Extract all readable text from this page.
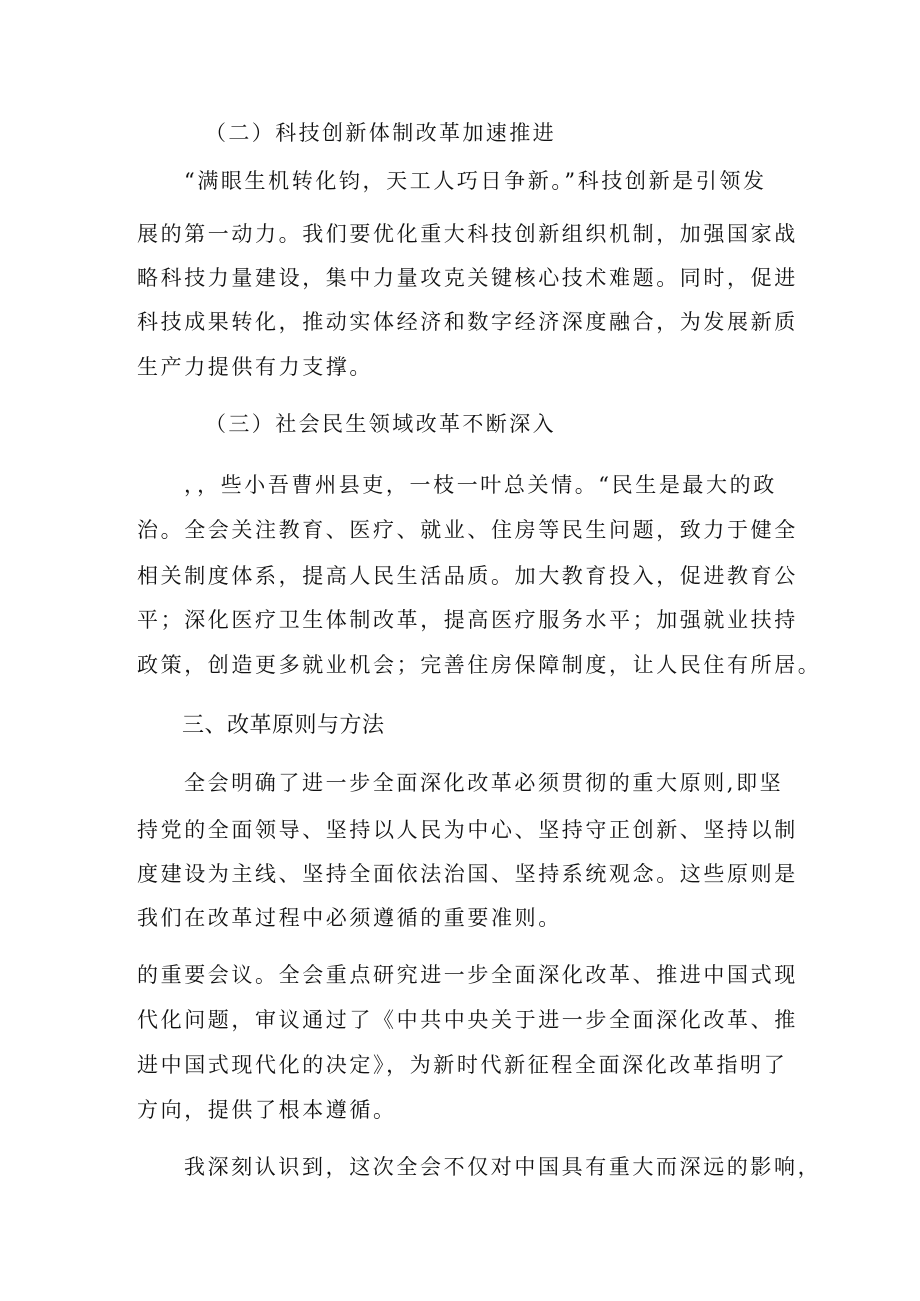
（二）科技创新体制改革加速推进
“满眼生机转化钧，天工人巧日争新。”科技创新是引领发
展的第一动力。我们要优化重大科技创新组织机制，加强国家战
略科技力量建设，集中力量攻克关键核心技术难题。同时，促进
科技成果转化，推动实体经济和数字经济深度融合，为发展新质
生产力提供有力支撑。
（三）社会民生领域改革不断深入
，，些小吾曹州县吏，一枝一叶总关情。“民生是最大的政
治。全会关注教育、医疗、就业、住房等民生问题，致力于健全
相关制度体系，提高人民生活品质。加大教育投入，促进教育公
平；深化医疗卫生体制改革，提高医疗服务水平；加强就业扶持
政策，创造更多就业机会；完善住房保障制度，让人民住有所居。
三、改革原则与方法
全会明确了进一步全面深化改革必须贯彻的重大原则,即坚
持党的全面领导、坚持以人民为中心、坚持守正创新、坚持以制
度建设为主线、坚持全面依法治国、坚持系统观念。这些原则是
我们在改革过程中必须遵循的重要准则。
的重要会议。全会重点研究进一步全面深化改革、推进中国式现
代化问题，审议通过了《中共中央关于进一步全面深化改革、推
进中国式现代化的决定》，为新时代新征程全面深化改革指明了
方向，提供了根本遵循。
我深刻认识到，这次全会不仅对中国具有重大而深远的影响，
